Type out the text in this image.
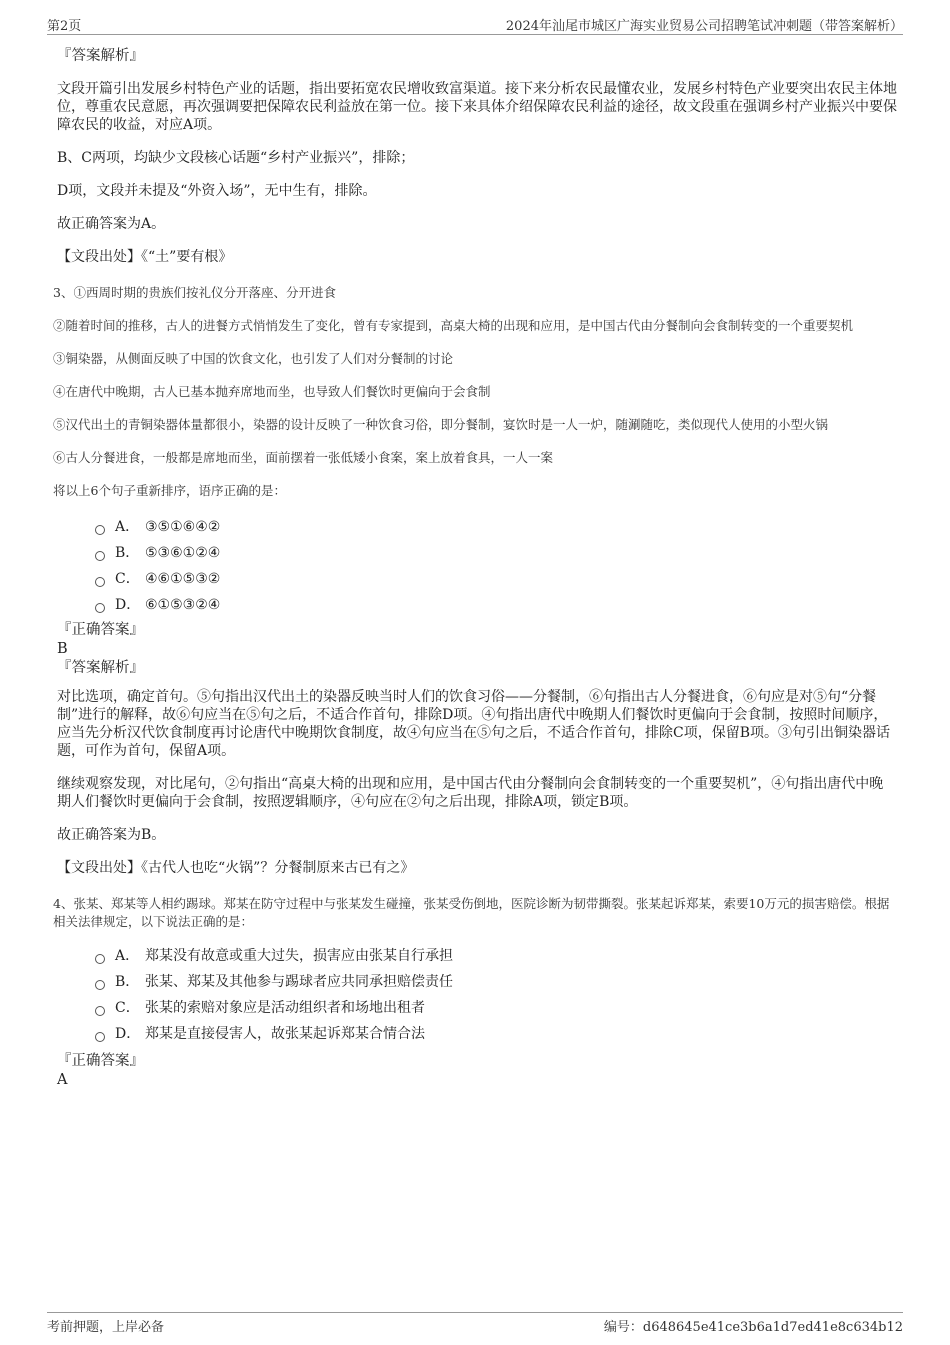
第2页	2024年汕尾市城区广海实业贸易公司招聘笔试冲刺题（带答案解析）
『答案解析』

文段开篇引出发展乡村特色产业的话题，指出要拓宽农民增收致富渠道。接下来分析农民最懂农业，发展乡村特色产业要突出农民主体地位，尊重农民意愿，再次强调要把保障农民利益放在第一位。接下来具体介绍保障农民利益的途径，故文段重在强调乡村产业振兴中要保障农民的收益，对应A项。

B、C两项，均缺少文段核心话题“乡村产业振兴”，排除；

D项，文段并未提及“外资入场”，无中生有，排除。

故正确答案为A。

【文段出处】《“土”要有根》

3、①西周时期的贵族们按礼仪分开落座、分开进食

②随着时间的推移，古人的进餐方式悄悄发生了变化，曾有专家提到，高桌大椅的出现和应用，是中国古代由分餐制向会食制转变的一个重要契机

③铜染器，从侧面反映了中国的饮食文化，也引发了人们对分餐制的讨论

④在唐代中晚期，古人已基本抛弃席地而坐，也导致人们餐饮时更偏向于会食制

⑤汉代出土的青铜染器体量都很小，染器的设计反映了一种饮食习俗，即分餐制，宴饮时是一人一炉，随涮随吃，类似现代人使用的小型火锅

⑥古人分餐进食，一般都是席地而坐，面前摆着一张低矮小食案，案上放着食具，一人一案

将以上6个句子重新排序，语序正确的是：

A． ③⑤①⑥④②
B． ⑤③⑥①②④
C． ④⑥①⑤③②
D． ⑥①⑤③②④
『正确答案』
B
『答案解析』

对比选项，确定首句。⑤句指出汉代出土的染器反映当时人们的饮食习俗——分餐制，⑥句指出古人分餐进食，⑥句应是对⑤句“分餐制”进行的解释，故⑥句应当在⑤句之后，不适合作首句，排除D项。④句指出唐代中晚期人们餐饮时更偏向于会食制，按照时间顺序，应当先分析汉代饮食制度再讨论唐代中晚期饮食制度，故④句应当在⑤句之后，不适合作首句，排除C项，保留B项。③句引出铜染器话题，可作为首句，保留A项。

继续观察发现，对比尾句，②句指出“高桌大椅的出现和应用，是中国古代由分餐制向会食制转变的一个重要契机”，④句指出唐代中晚期人们餐饮时更偏向于会食制，按照逻辑顺序，④句应在②句之后出现，排除A项，锁定B项。

故正确答案为B。

【文段出处】《古代人也吃“火锅”？分餐制原来古已有之》

4、张某、郑某等人相约踢球。郑某在防守过程中与张某发生碰撞，张某受伤倒地，医院诊断为韧带撕裂。张某起诉郑某，索要10万元的损害赔偿。根据相关法律规定，以下说法正确的是：

A． 郑某没有故意或重大过失，损害应由张某自行承担
B． 张某、郑某及其他参与踢球者应共同承担赔偿责任
C． 张某的索赔对象应是活动组织者和场地出租者
D． 郑某是直接侵害人，故张某起诉郑某合情合法
『正确答案』
A
考前押题，上岸必备	编号：d648645e41ce3b6a1d7ed41e8c634b12
